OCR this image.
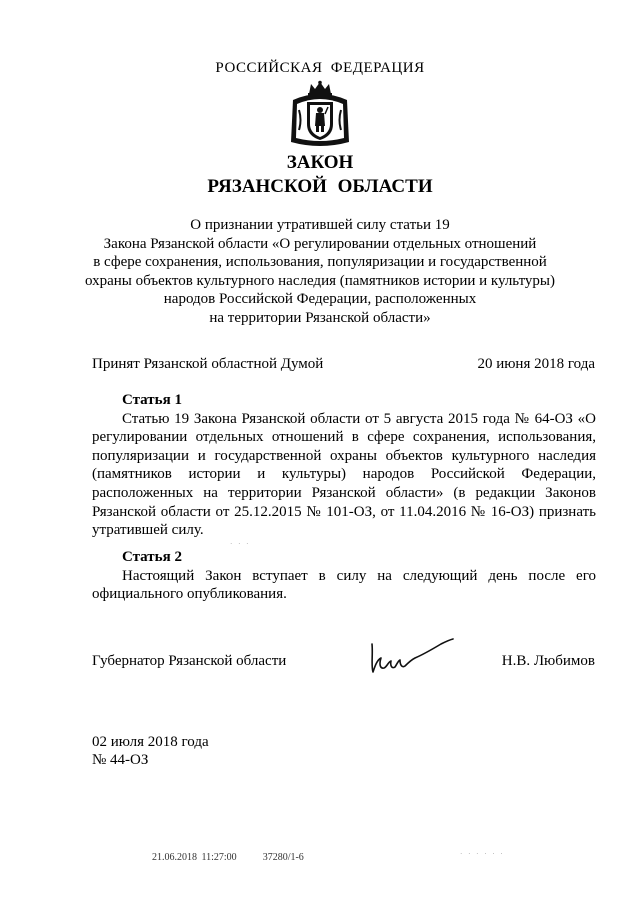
РОССИЙСКАЯ ФЕДЕРАЦИЯ
ЗАКОН
РЯЗАНСКОЙ ОБЛАСТИ
О признании утратившей силу статьи 19
Закона Рязанской области «О регулировании отдельных отношений
в сфере сохранения, использования, популяризации и государственной
охраны объектов культурного наследия (памятников истории и культуры)
народов Российской Федерации, расположенных
на территории Рязанской области»
Принят Рязанской областной Думой	20 июня 2018 года
Статья 1

Статью 19 Закона Рязанской области от 5 августа 2015 года № 64-ОЗ «О регулировании отдельных отношений в сфере сохранения, использования, популяризации и государственной охраны объектов культурного наследия (памятников истории и культуры) народов Российской Федерации, расположенных на территории Рязанской области» (в редакции Законов Рязанской области от 25.12.2015 № 101-ОЗ, от 11.04.2016 № 16-ОЗ) признать утратившей силу.

· · ·
Статья 2

Настоящий Закон вступает в силу на следующий день после его официального опубликования.

Губернатор Рязанской области	Н.В. Любимов
02 июля 2018 года
№ 44-ОЗ
21.06.2018 11:27:00	37280/1-6	· · · · · ·
